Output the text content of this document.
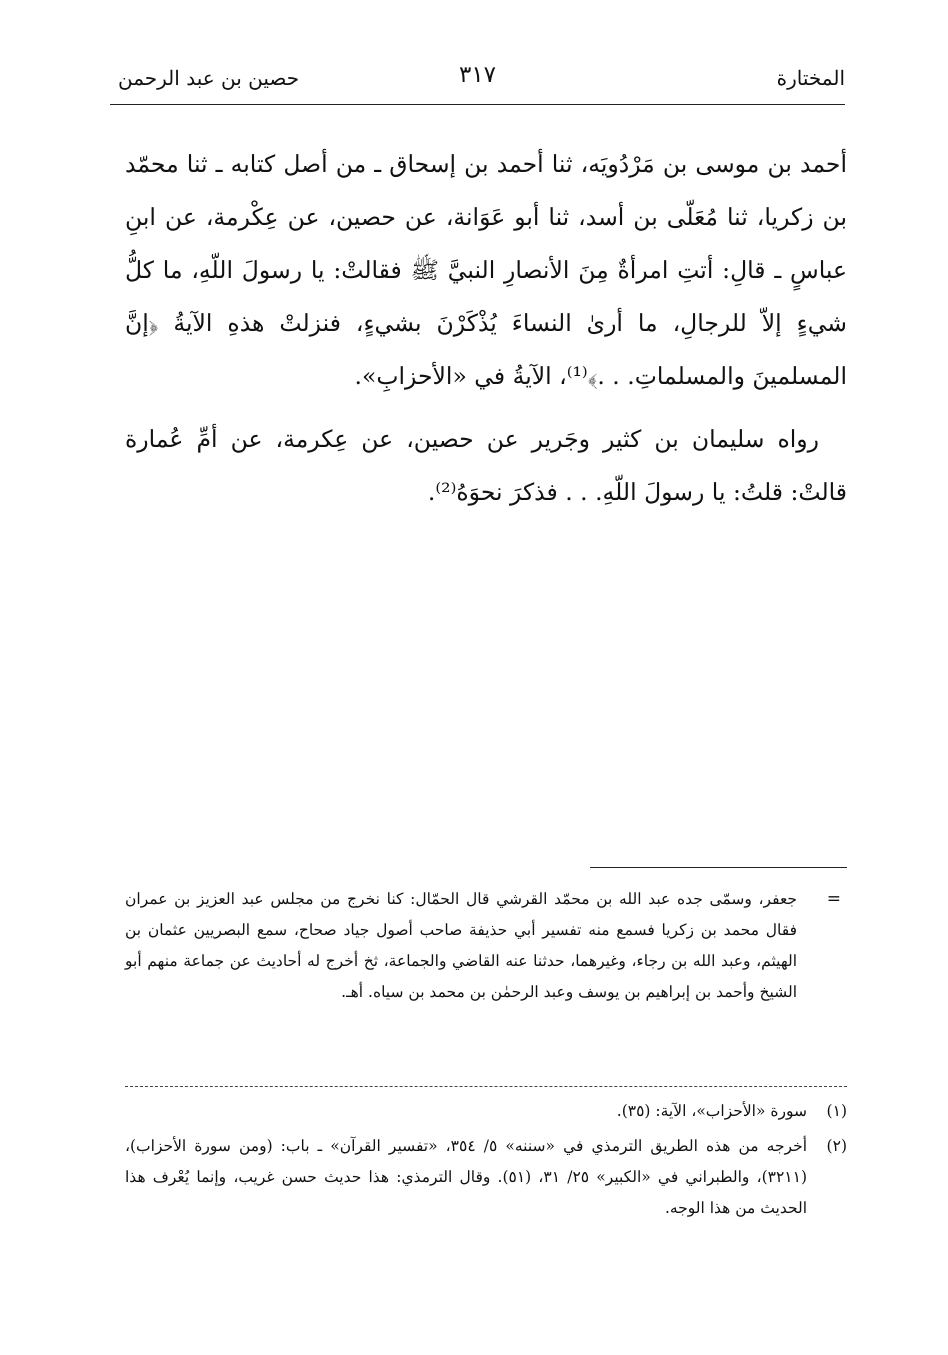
المختارة
٣١٧
حصين بن عبد الرحمن

أحمد بن موسى بن مَرْدُويَه، ثنا أحمد بن إسحاق ـ من أصل كتابه ـ ثنا محمّد بن زكريا، ثنا مُعَلّى بن أسد، ثنا أبو عَوَانة، عن حصين، عن عِكْرمة، عن ابنِ عباسٍ ـ قالِ: أتتِ امرأةٌ مِنَ الأنصارِ النبيَّ ﷺ فقالتْ: يا رسولَ اللّهِ، ما كلُّ شيءٍ إلاّ للرجالِ، ما أرىٰ النساءَ يُذْكَرْنَ بشيءٍ، فنزلتْ هذهِ الآيةُ ﴿إنَّ المسلمينَ والمسلماتِ. . .﴾⁽¹⁾، الآيةُ في «الأحزابِ».

رواه سليمان بن كثير وجَرير عن حصين، عن عِكرمة، عن أمِّ عُمارة قالتْ: قلتُ: يا رسولَ اللّهِ. . . فذكرَ نحوَهُ⁽²⁾.

=
جعفر، وسمّى جده عبد الله بن محمّد القرشي قال الحمّال: كنا نخرج من مجلس عبد العزيز بن عمران فقال محمد بن زكريا فسمع منه تفسير أبي حذيفة صاحب أصول جياد صحاح، سمع البصريين عثمان بن الهيثم، وعبد الله بن رجاء، وغيرهما، حدثنا عنه القاضي والجماعة، ثخ أخرج له أحاديث عن جماعة منهم أبو الشيخ وأحمد بن إبراهيم بن يوسف وعبد الرحمٰن بن محمد بن سياه. أهـ.
(١)
سورة «الأحزاب»، الآية: (٣٥).
(٢)
أخرجه من هذه الطريق الترمذي في «سننه» ٥/ ٣٥٤، «تفسير القرآن» ـ باب: (ومن سورة الأحزاب)، (٣٢١١)، والطبراني في «الكبير» ٢٥/ ٣١، (٥١). وقال الترمذي: هذا حديث حسن غريب، وإنما يُعْرف هذا الحديث من هذا الوجه.
